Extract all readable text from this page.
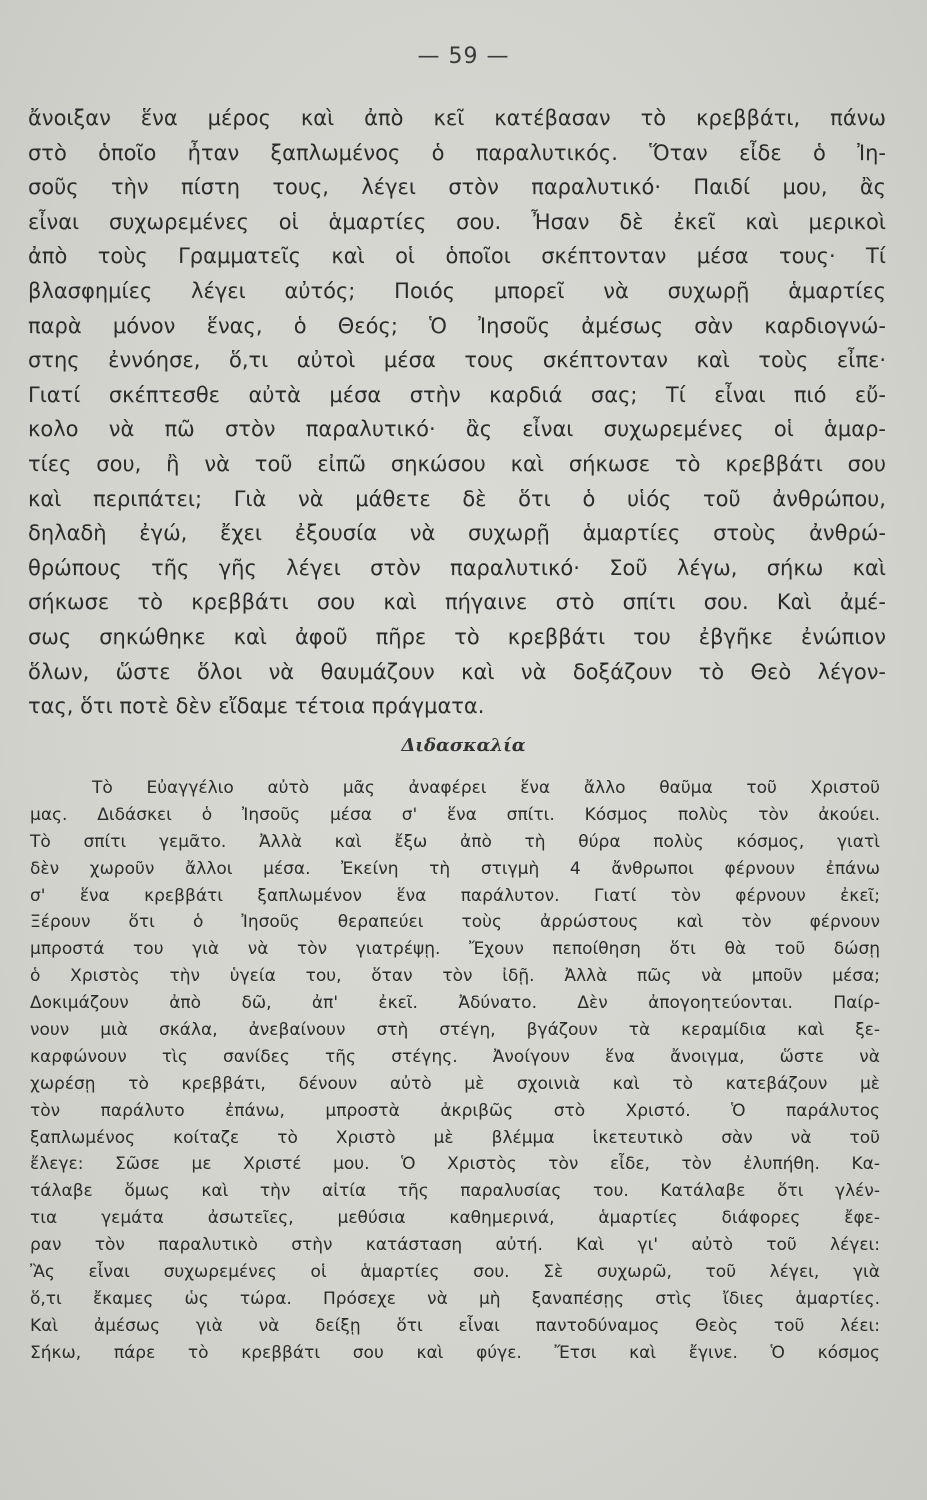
— 59 —
ἄνοιξαν ἕνα μέρος καὶ ἀπὸ κεῖ κατέβασαν τὸ κρεββάτι, πάνω
στὸ ὁποῖο ἦταν ξαπλωμένος ὁ παραλυτικός. Ὅταν εἶδε ὁ Ἰη-
σοῦς τὴν πίστη τους, λέγει στὸν παραλυτικό· Παιδί μου, ἂς
εἶναι συχωρεμένες οἱ ἁμαρτίες σου. Ἦσαν δὲ ἐκεῖ καὶ μερικοὶ
ἀπὸ τοὺς Γραμματεῖς καὶ οἱ ὁποῖοι σκέπτονταν μέσα τους· Τί
βλασφημίες λέγει αὐτός; Ποιός μπορεῖ νὰ συχωρῇ ἁμαρτίες
παρὰ μόνον ἕνας, ὁ Θεός; Ὁ Ἰησοῦς ἀμέσως σὰν καρδιογνώ-
στης ἐννόησε, ὅ,τι αὐτοὶ μέσα τους σκέπτονταν καὶ τοὺς εἶπε·
Γιατί σκέπτεσθε αὐτὰ μέσα στὴν καρδιά σας; Τί εἶναι πιό εὔ-
κολο νὰ πῶ στὸν παραλυτικό· ἂς εἶναι συχωρεμένες οἱ ἁμαρ-
τίες σου, ἢ νὰ τοῦ εἰπῶ σηκώσου καὶ σήκωσε τὸ κρεββάτι σου
καὶ περιπάτει; Γιὰ νὰ μάθετε δὲ ὅτι ὁ υἱός τοῦ ἀνθρώπου,
δηλαδὴ ἐγώ, ἔχει ἐξουσία νὰ συχωρῇ ἁμαρτίες στοὺς ἀνθρώ-
θρώπους τῆς γῆς λέγει στὸν παραλυτικό· Σοῦ λέγω, σήκω καὶ
σήκωσε τὸ κρεββάτι σου καὶ πήγαινε στὸ σπίτι σου. Καὶ ἀμέ-
σως σηκώθηκε καὶ ἀφοῦ πῆρε τὸ κρεββάτι του ἐβγῆκε ἐνώπιον
ὅλων, ὥστε ὅλοι νὰ θαυμάζουν καὶ νὰ δοξάζουν τὸ Θεὸ λέγον-
τας, ὅτι ποτὲ δὲν εἴδαμε τέτοια πράγματα.
Διδασκαλία
Τὸ Εὐαγγέλιο αὐτὸ μᾶς ἀναφέρει ἕνα ἄλλο θαῦμα τοῦ Χριστοῦ
μας. Διδάσκει ὁ Ἰησοῦς μέσα σ' ἕνα σπίτι. Κόσμος πολὺς τὸν ἀκούει.
Τὸ σπίτι γεμᾶτο. Ἀλλὰ καὶ ἔξω ἀπὸ τὴ θύρα πολὺς κόσμος, γιατὶ
δὲν χωροῦν ἄλλοι μέσα. Ἐκείνη τὴ στιγμὴ 4 ἄνθρωποι φέρνουν ἐπάνω
σ' ἕνα κρεββάτι ξαπλωμένον ἕνα παράλυτον. Γιατί τὸν φέρνουν ἐκεῖ;
Ξέρουν ὅτι ὁ Ἰησοῦς θεραπεύει τοὺς ἀρρώστους καὶ τὸν φέρνουν
μπροστά του γιὰ νὰ τὸν γιατρέψῃ. Ἔχουν πεποίθηση ὅτι θὰ τοῦ δώσῃ
ὁ Χριστὸς τὴν ὑγεία του, ὅταν τὸν ἰδῇ. Ἀλλὰ πῶς νὰ μποῦν μέσα;
Δοκιμάζουν ἀπὸ δῶ, ἀπ' ἐκεῖ. Ἀδύνατο. Δὲν ἀπογοητεύονται. Παίρ-
νουν μιὰ σκάλα, ἀνεβαίνουν στὴ στέγη, βγάζουν τὰ κεραμίδια καὶ ξε-
καρφώνουν τὶς σανίδες τῆς στέγης. Ἀνοίγουν ἕνα ἄνοιγμα, ὥστε νὰ
χωρέσῃ τὸ κρεββάτι, δένουν αὐτὸ μὲ σχοινιὰ καὶ τὸ κατεβάζουν μὲ
τὸν παράλυτο ἐπάνω, μπροστὰ ἀκριβῶς στὸ Χριστό. Ὁ παράλυτος
ξαπλωμένος κοίταζε τὸ Χριστὸ μὲ βλέμμα ἱκετευτικὸ σὰν νὰ τοῦ
ἔλεγε: Σῶσε με Χριστέ μου. Ὁ Χριστὸς τὸν εἶδε, τὸν ἐλυπήθη. Κα-
τάλαβε ὅμως καὶ τὴν αἰτία τῆς παραλυσίας του. Κατάλαβε ὅτι γλέν-
τια γεμάτα ἀσωτεῖες, μεθύσια καθημερινά, ἁμαρτίες διάφορες ἔφε-
ραν τὸν παραλυτικὸ στὴν κατάσταση αὐτή. Καὶ γι' αὐτὸ τοῦ λέγει:
Ἂς εἶναι συχωρεμένες οἱ ἁμαρτίες σου. Σὲ συχωρῶ, τοῦ λέγει, γιὰ
ὅ,τι ἔκαμες ὡς τώρα. Πρόσεχε νὰ μὴ ξαναπέσῃς στὶς ἴδιες ἁμαρτίες.
Καὶ ἀμέσως γιὰ νὰ δείξῃ ὅτι εἶναι παντοδύναμος Θεὸς τοῦ λέει:
Σήκω, πάρε τὸ κρεββάτι σου καὶ φύγε. Ἔτσι καὶ ἔγινε. Ὁ κόσμος
